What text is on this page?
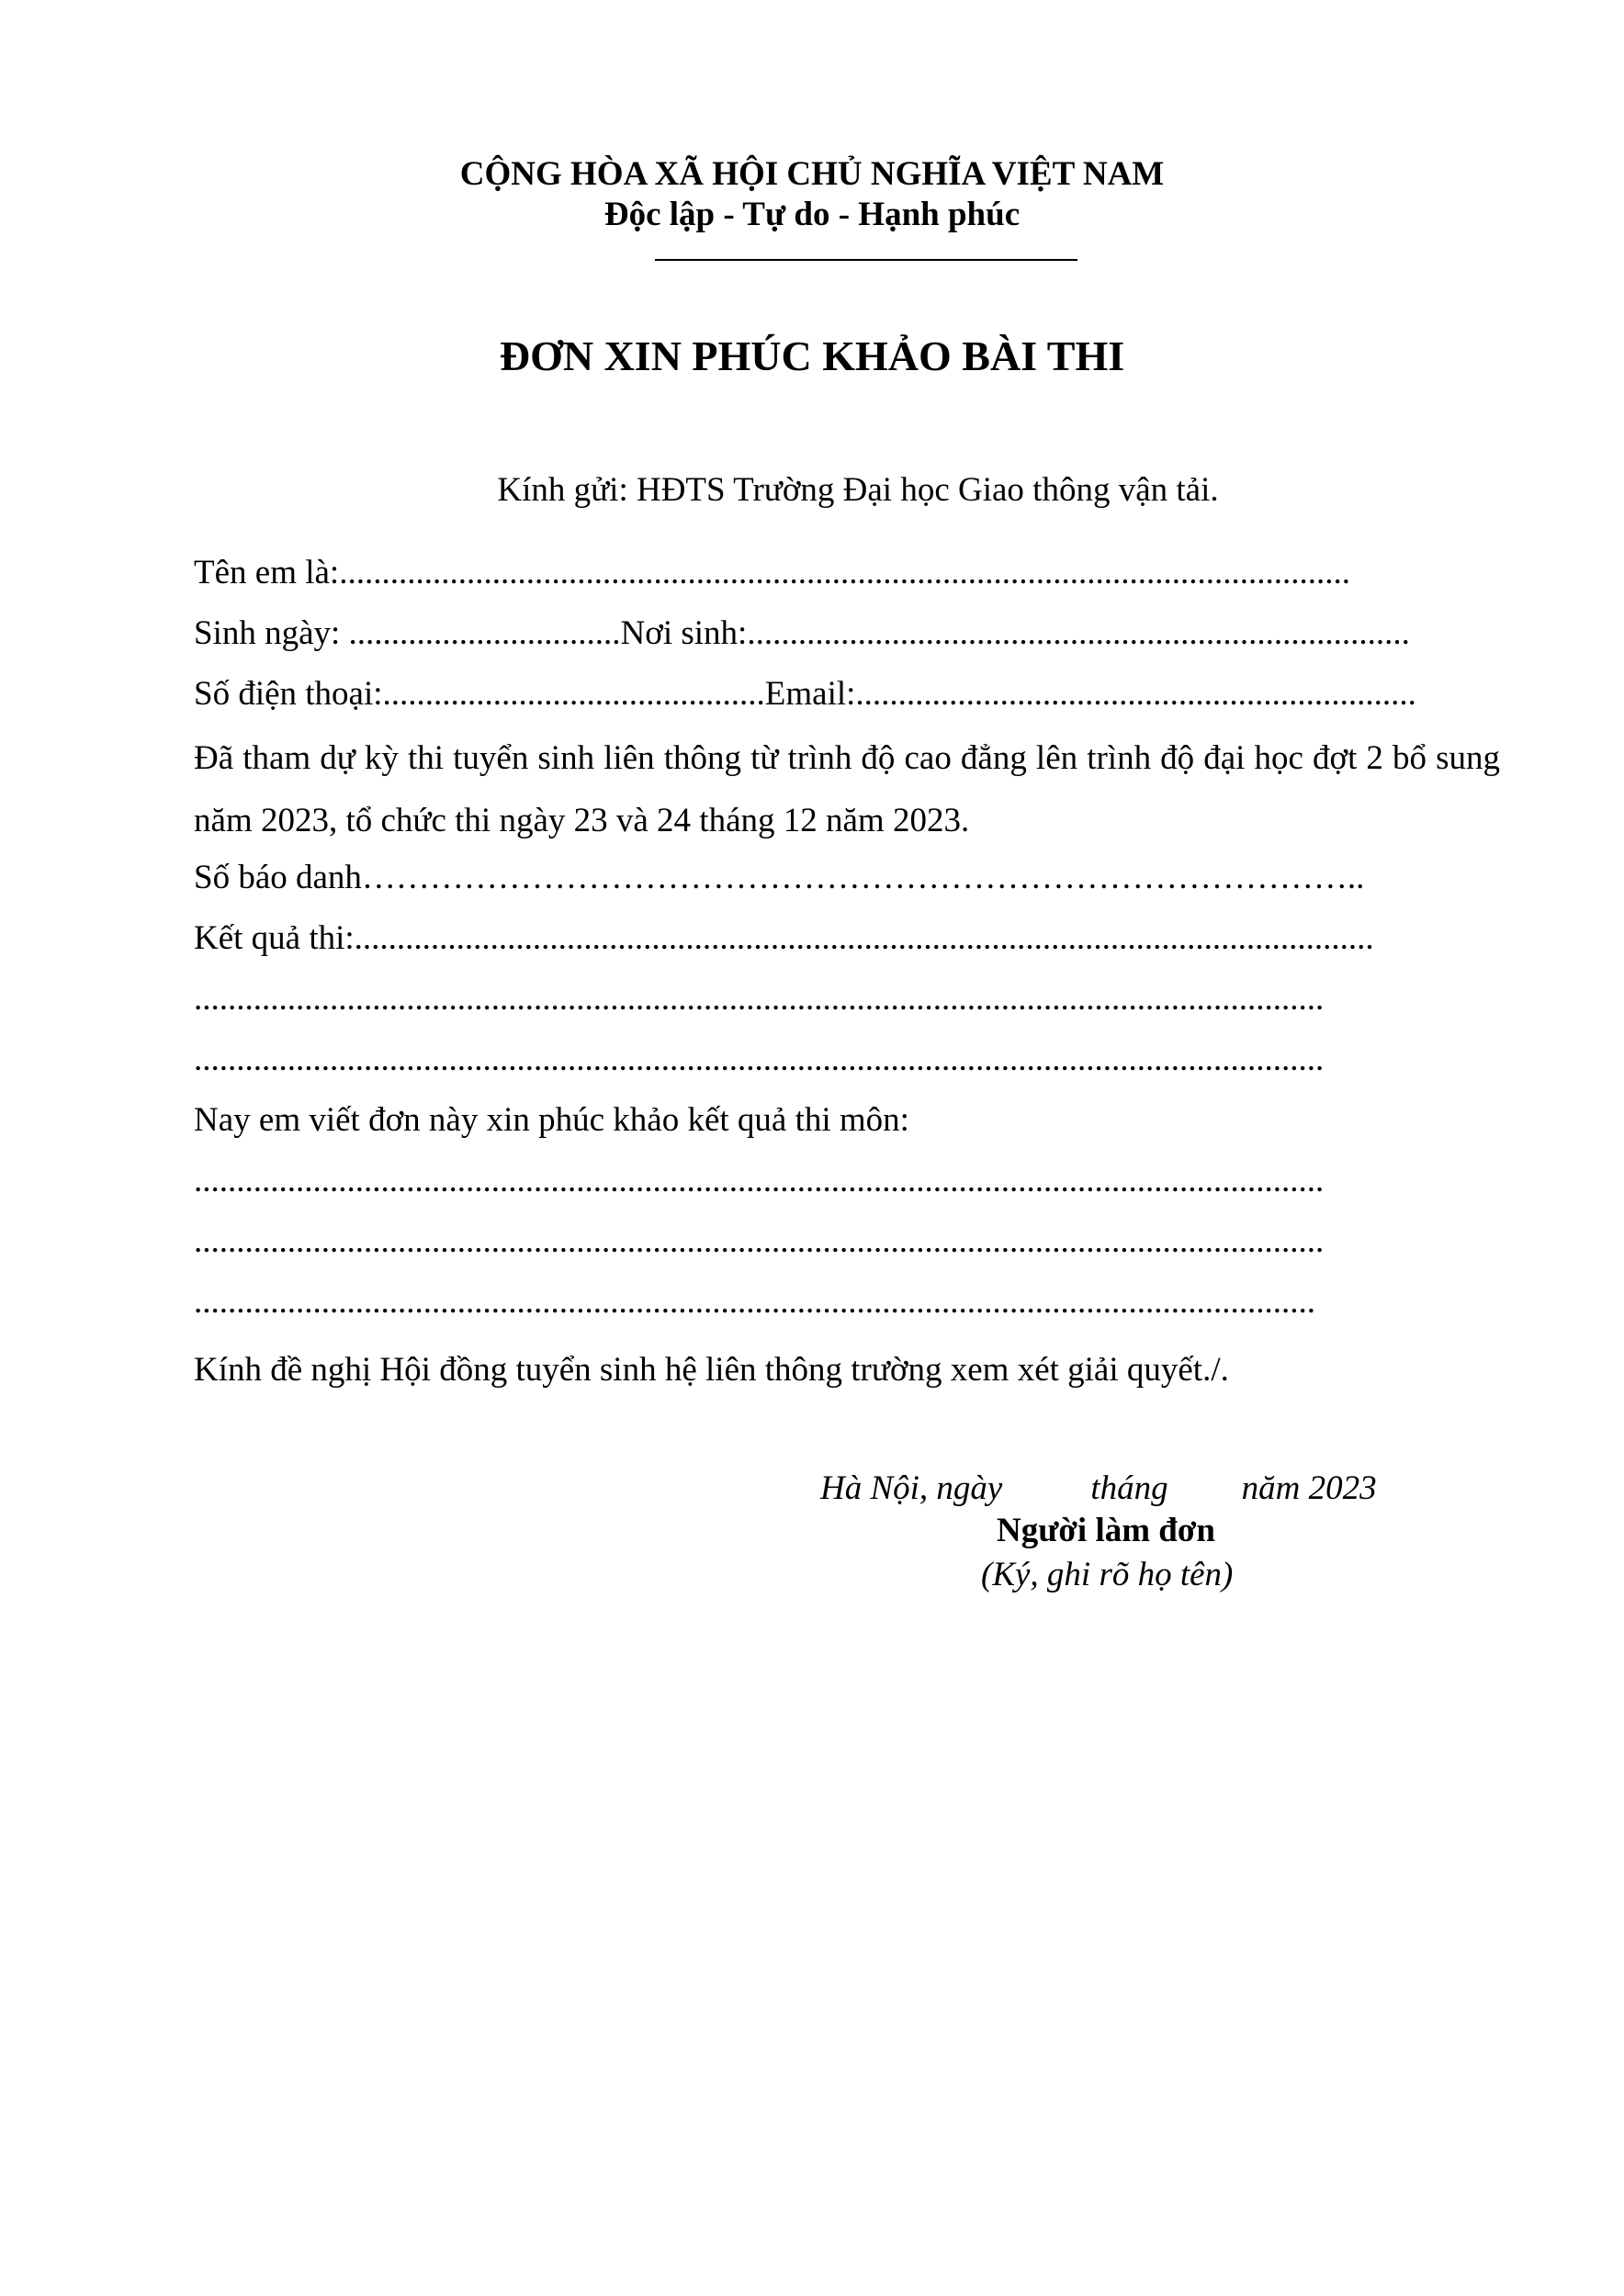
CỘNG HÒA XÃ HỘI CHỦ NGHĨA VIỆT NAM
Độc lập - Tự do - Hạnh phúc
ĐƠN XIN PHÚC KHẢO BÀI THI
Kính gửi: HĐTS Trường Đại học Giao thông vận tải.
Tên em là:.......................................................................................................................
Sinh ngày: ................................Nơi sinh:..............................................................................
Số điện thoại:.............................................Email:..................................................................
Đã tham dự kỳ thi tuyển sinh liên thông từ trình độ cao đẳng lên trình độ đại học đợt 2 bổ sung năm 2023, tổ chức thi ngày 23 và 24 tháng 12 năm 2023.
Số báo danh……………………………………………………………………………..
Kết quả thi:........................................................................................................................
.....................................................................................................................................
.....................................................................................................................................
Nay em viết đơn này xin phúc khảo kết quả thi môn:
.....................................................................................................................................
.....................................................................................................................................
....................................................................................................................................
Kính đề nghị Hội đồng tuyển sinh hệ liên thông trường xem xét giải quyết./.
Hà Nội, ngày	tháng năm 2023
Người làm đơn
(Ký, ghi rõ họ tên)
